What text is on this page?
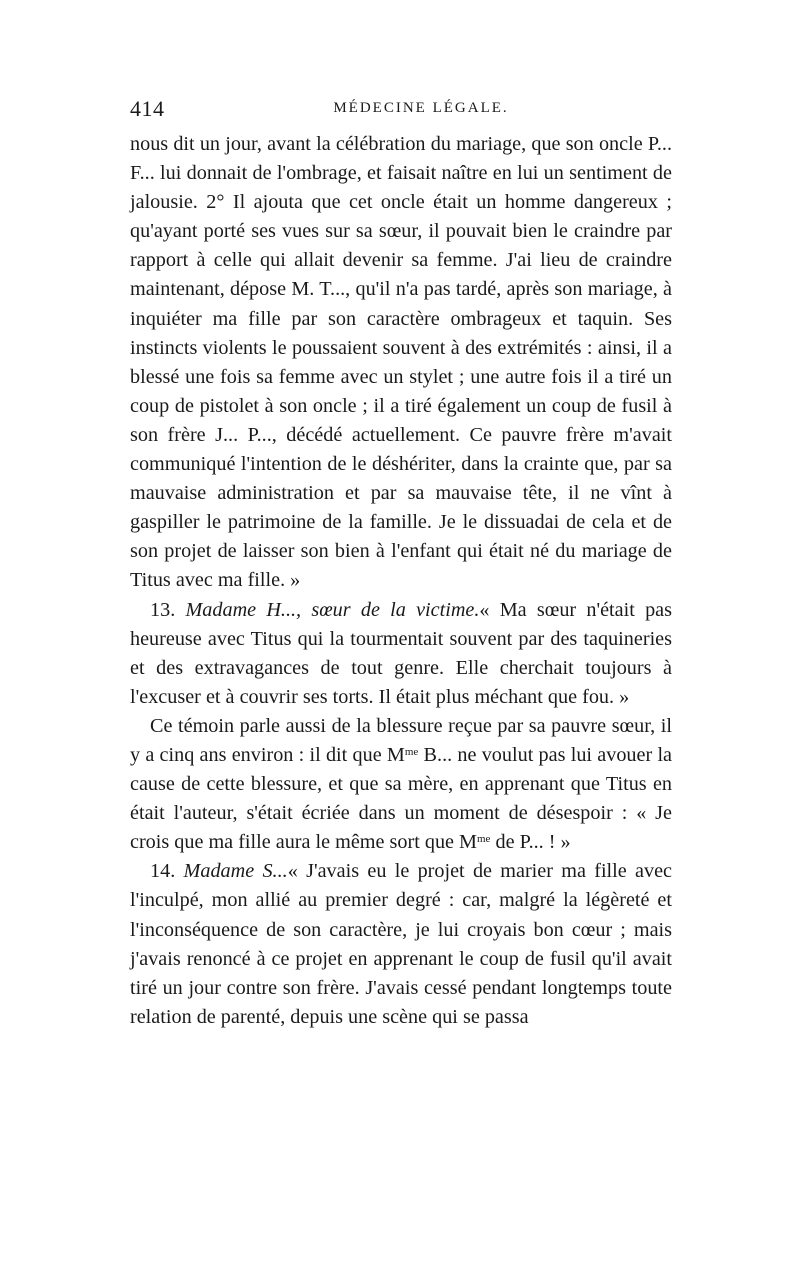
414	MÉDECINE LÉGALE.

nous dit un jour, avant la célébration du mariage, que son oncle P... F... lui donnait de l'ombrage, et faisait naître en lui un sentiment de jalousie. 2° Il ajouta que cet oncle était un homme dangereux ; qu'ayant porté ses vues sur sa sœur, il pouvait bien le craindre par rapport à celle qui allait devenir sa femme. J'ai lieu de craindre maintenant, dépose M. T..., qu'il n'a pas tardé, après son mariage, à inquiéter ma fille par son caractère ombrageux et taquin. Ses instincts violents le poussaient souvent à des extrémités : ainsi, il a blessé une fois sa femme avec un stylet ; une autre fois il a tiré un coup de pistolet à son oncle ; il a tiré également un coup de fusil à son frère J... P..., décédé actuellement. Ce pauvre frère m'avait communiqué l'intention de le déshériter, dans la crainte que, par sa mauvaise administration et par sa mauvaise tête, il ne vînt à gaspiller le patrimoine de la famille. Je le dissuadai de cela et de son projet de laisser son bien à l'enfant qui était né du mariage de Titus avec ma fille. »

13. Madame H..., sœur de la victime.« Ma sœur n'était pas heureuse avec Titus qui la tourmentait souvent par des taquineries et des extravagances de tout genre. Elle cherchait toujours à l'excuser et à couvrir ses torts. Il était plus méchant que fou. »

Ce témoin parle aussi de la blessure reçue par sa pauvre sœur, il y a cinq ans environ : il dit que $M^{me}$ B... ne voulut pas lui avouer la cause de cette blessure, et que sa mère, en apprenant que Titus en était l'auteur, s'était écriée dans un moment de désespoir : « Je crois que ma fille aura le même sort que $M^{me}$ de P... ! »

14. Madame S...« J'avais eu le projet de marier ma fille avec l'inculpé, mon allié au premier degré : car, malgré la légèreté et l'inconséquence de son caractère, je lui croyais bon cœur ; mais j'avais renoncé à ce projet en apprenant le coup de fusil qu'il avait tiré un jour contre son frère. J'avais cessé pendant longtemps toute relation de parenté, depuis une scène qui se passa
